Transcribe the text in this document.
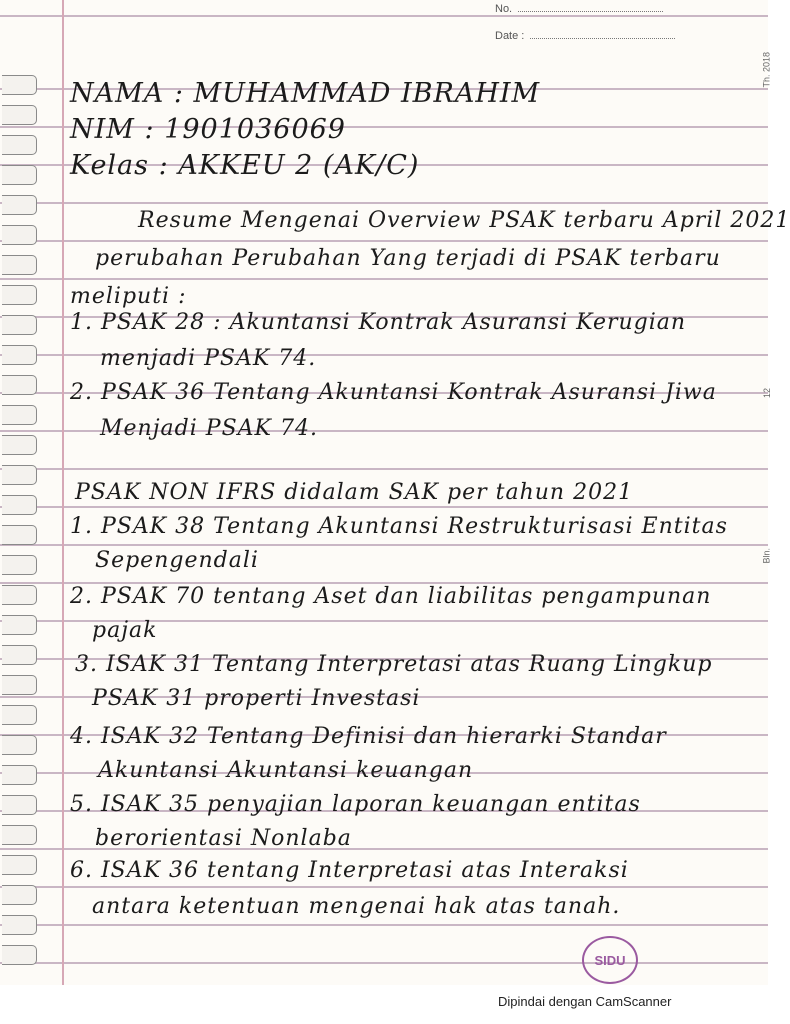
No.
Date :
Th. 2018
12
Bln.
NAMA : MUHAMMAD IBRAHIM
NIM : 1901036069
Kelas : AKKEU 2 (AK/C)
Resume Mengenai Overview PSAK terbaru April 2021
perubahan Perubahan Yang terjadi di PSAK terbaru
meliputi :
1. PSAK 28 : Akuntansi Kontrak Asuransi Kerugian
menjadi PSAK 74.
2. PSAK 36 Tentang Akuntansi Kontrak Asuransi Jiwa
Menjadi PSAK 74.
PSAK NON IFRS didalam SAK per tahun 2021
1. PSAK 38 Tentang Akuntansi Restrukturisasi Entitas
Sepengendali
2. PSAK 70 tentang Aset dan liabilitas pengampunan
pajak
3. ISAK 31 Tentang Interpretasi atas Ruang Lingkup
PSAK 31 properti Investasi
4. ISAK 32 Tentang Definisi dan hierarki Standar
Akuntansi Akuntansi keuangan
5. ISAK 35 penyajian laporan keuangan entitas
berorientasi Nonlaba
6. ISAK 36 tentang Interpretasi atas Interaksi
antara ketentuan mengenai hak atas tanah.
SIDU
Dipindai dengan CamScanner
